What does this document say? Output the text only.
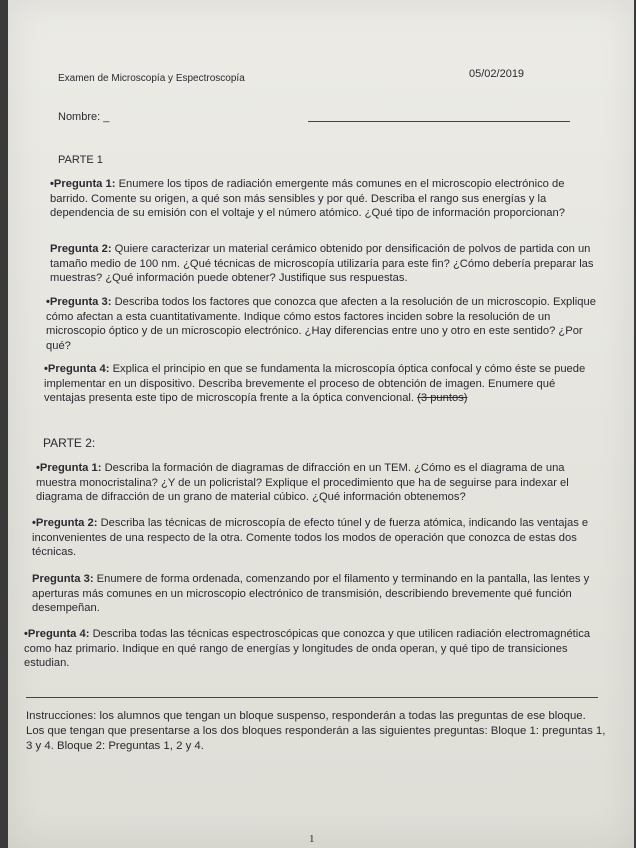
Examen de Microscopía y Espectroscopía	05/02/2019
Nombre: _
PARTE 1
•Pregunta 1: Enumere los tipos de radiación emergente más comunes en el microscopio electrónico de barrido. Comente su origen, a qué son más sensibles y por qué. Describa el rango sus energías y la dependencia de su emisión con el voltaje y el número atómico. ¿Qué tipo de información proporcionan?
Pregunta 2: Quiere caracterizar un material cerámico obtenido por densificación de polvos de partida con un tamaño medio de 100 nm. ¿Qué técnicas de microscopía utilizaría para este fin? ¿Cómo debería preparar las muestras? ¿Qué información puede obtener? Justifique sus respuestas.
•Pregunta 3: Describa todos los factores que conozca que afecten a la resolución de un microscopio. Explique cómo afectan a esta cuantitativamente. Indique cómo estos factores inciden sobre la resolución de un microscopio óptico y de un microscopio electrónico. ¿Hay diferencias entre uno y otro en este sentido? ¿Por qué?
•Pregunta 4: Explica el principio en que se fundamenta la microscopía óptica confocal y cómo éste se puede implementar en un dispositivo. Describa brevemente el proceso de obtención de imagen. Enumere qué ventajas presenta este tipo de microscopía frente a la óptica convencional. (3 puntos)
PARTE 2:
•Pregunta 1: Describa la formación de diagramas de difracción en un TEM. ¿Cómo es el diagrama de una muestra monocristalina? ¿Y de un policristal? Explique el procedimiento que ha de seguirse para indexar el diagrama de difracción de un grano de material cúbico. ¿Qué información obtenemos?
•Pregunta 2: Describa las técnicas de microscopía de efecto túnel y de fuerza atómica, indicando las ventajas e inconvenientes de una respecto de la otra. Comente todos los modos de operación que conozca de estas dos técnicas.
Pregunta 3: Enumere de forma ordenada, comenzando por el filamento y terminando en la pantalla, las lentes y aperturas más comunes en un microscopio electrónico de transmisión, describiendo brevemente qué función desempeñan.
•Pregunta 4: Describa todas las técnicas espectroscópicas que conozca y que utilicen radiación electromagnética como haz primario. Indique en qué rango de energías y longitudes de onda operan, y qué tipo de transiciones estudian.
Instrucciones: los alumnos que tengan un bloque suspenso, responderán a todas las preguntas de ese bloque. Los que tengan que presentarse a los dos bloques responderán a las siguientes preguntas: Bloque 1: preguntas 1, 3 y 4. Bloque 2: Preguntas 1, 2 y 4.
1
